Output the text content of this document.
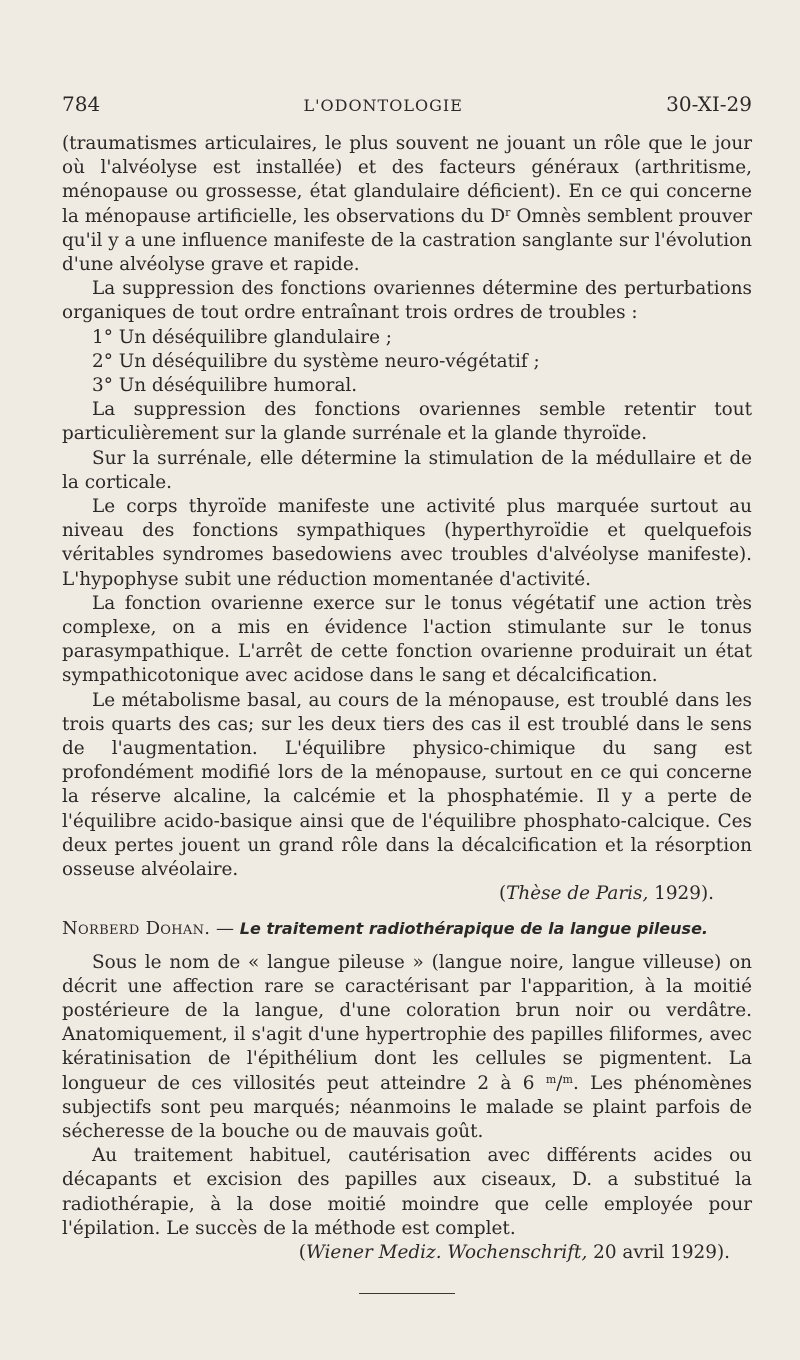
784	L'ODONTOLOGIE	30-XI-29

(traumatismes articulaires, le plus souvent ne jouant un rôle que le jour où l'alvéolyse est installée) et des facteurs généraux (arthritisme, ménopause ou grossesse, état glandulaire déficient). En ce qui concerne la ménopause artificielle, les observations du $D^r$ Omnès semblent prouver qu'il y a une influence manifeste de la castration sanglante sur l'évolution d'une alvéolyse grave et rapide.

La suppression des fonctions ovariennes détermine des perturbations organiques de tout ordre entraînant trois ordres de troubles :

1° Un déséquilibre glandulaire ;

2° Un déséquilibre du système neuro-végétatif ;

3° Un déséquilibre humoral.

La suppression des fonctions ovariennes semble retentir tout particulièrement sur la glande surrénale et la glande thyroïde.

Sur la surrénale, elle détermine la stimulation de la médullaire et de la corticale.

Le corps thyroïde manifeste une activité plus marquée surtout au niveau des fonctions sympathiques (hyperthyroïdie et quelquefois véritables syndromes basedowiens avec troubles d'alvéolyse manifeste). L'hypophyse subit une réduction momentanée d'activité.

La fonction ovarienne exerce sur le tonus végétatif une action très complexe, on a mis en évidence l'action stimulante sur le tonus parasympathique. L'arrêt de cette fonction ovarienne produirait un état sympathicotonique avec acidose dans le sang et décalcification.

Le métabolisme basal, au cours de la ménopause, est troublé dans les trois quarts des cas; sur les deux tiers des cas il est troublé dans le sens de l'augmentation. L'équilibre physico-chimique du sang est profondément modifié lors de la ménopause, surtout en ce qui concerne la réserve alcaline, la calcémie et la phosphatémie. Il y a perte de l'équilibre acido-basique ainsi que de l'équilibre phosphato-calcique. Ces deux pertes jouent un grand rôle dans la décalcification et la résorption osseuse alvéolaire.

(Thèse de Paris, 1929).

Norberd Dohan. — Le traitement radiothérapique de la langue pileuse.

Sous le nom de « langue pileuse » (langue noire, langue villeuse) on décrit une affection rare se caractérisant par l'apparition, à la moitié postérieure de la langue, d'une coloration brun noir ou verdâtre. Anatomiquement, il s'agit d'une hypertrophie des papilles filiformes, avec kératinisation de l'épithélium dont les cellules se pigmentent. La longueur de ces villosités peut atteindre 2 à 6 $^m$/$^m$. Les phénomènes subjectifs sont peu marqués; néanmoins le malade se plaint parfois de sécheresse de la bouche ou de mauvais goût.

Au traitement habituel, cautérisation avec différents acides ou décapants et excision des papilles aux ciseaux, D. a substitué la radiothérapie, à la dose moitié moindre que celle employée pour l'épilation. Le succès de la méthode est complet.

(Wiener Mediz. Wochenschrift, 20 avril 1929).
